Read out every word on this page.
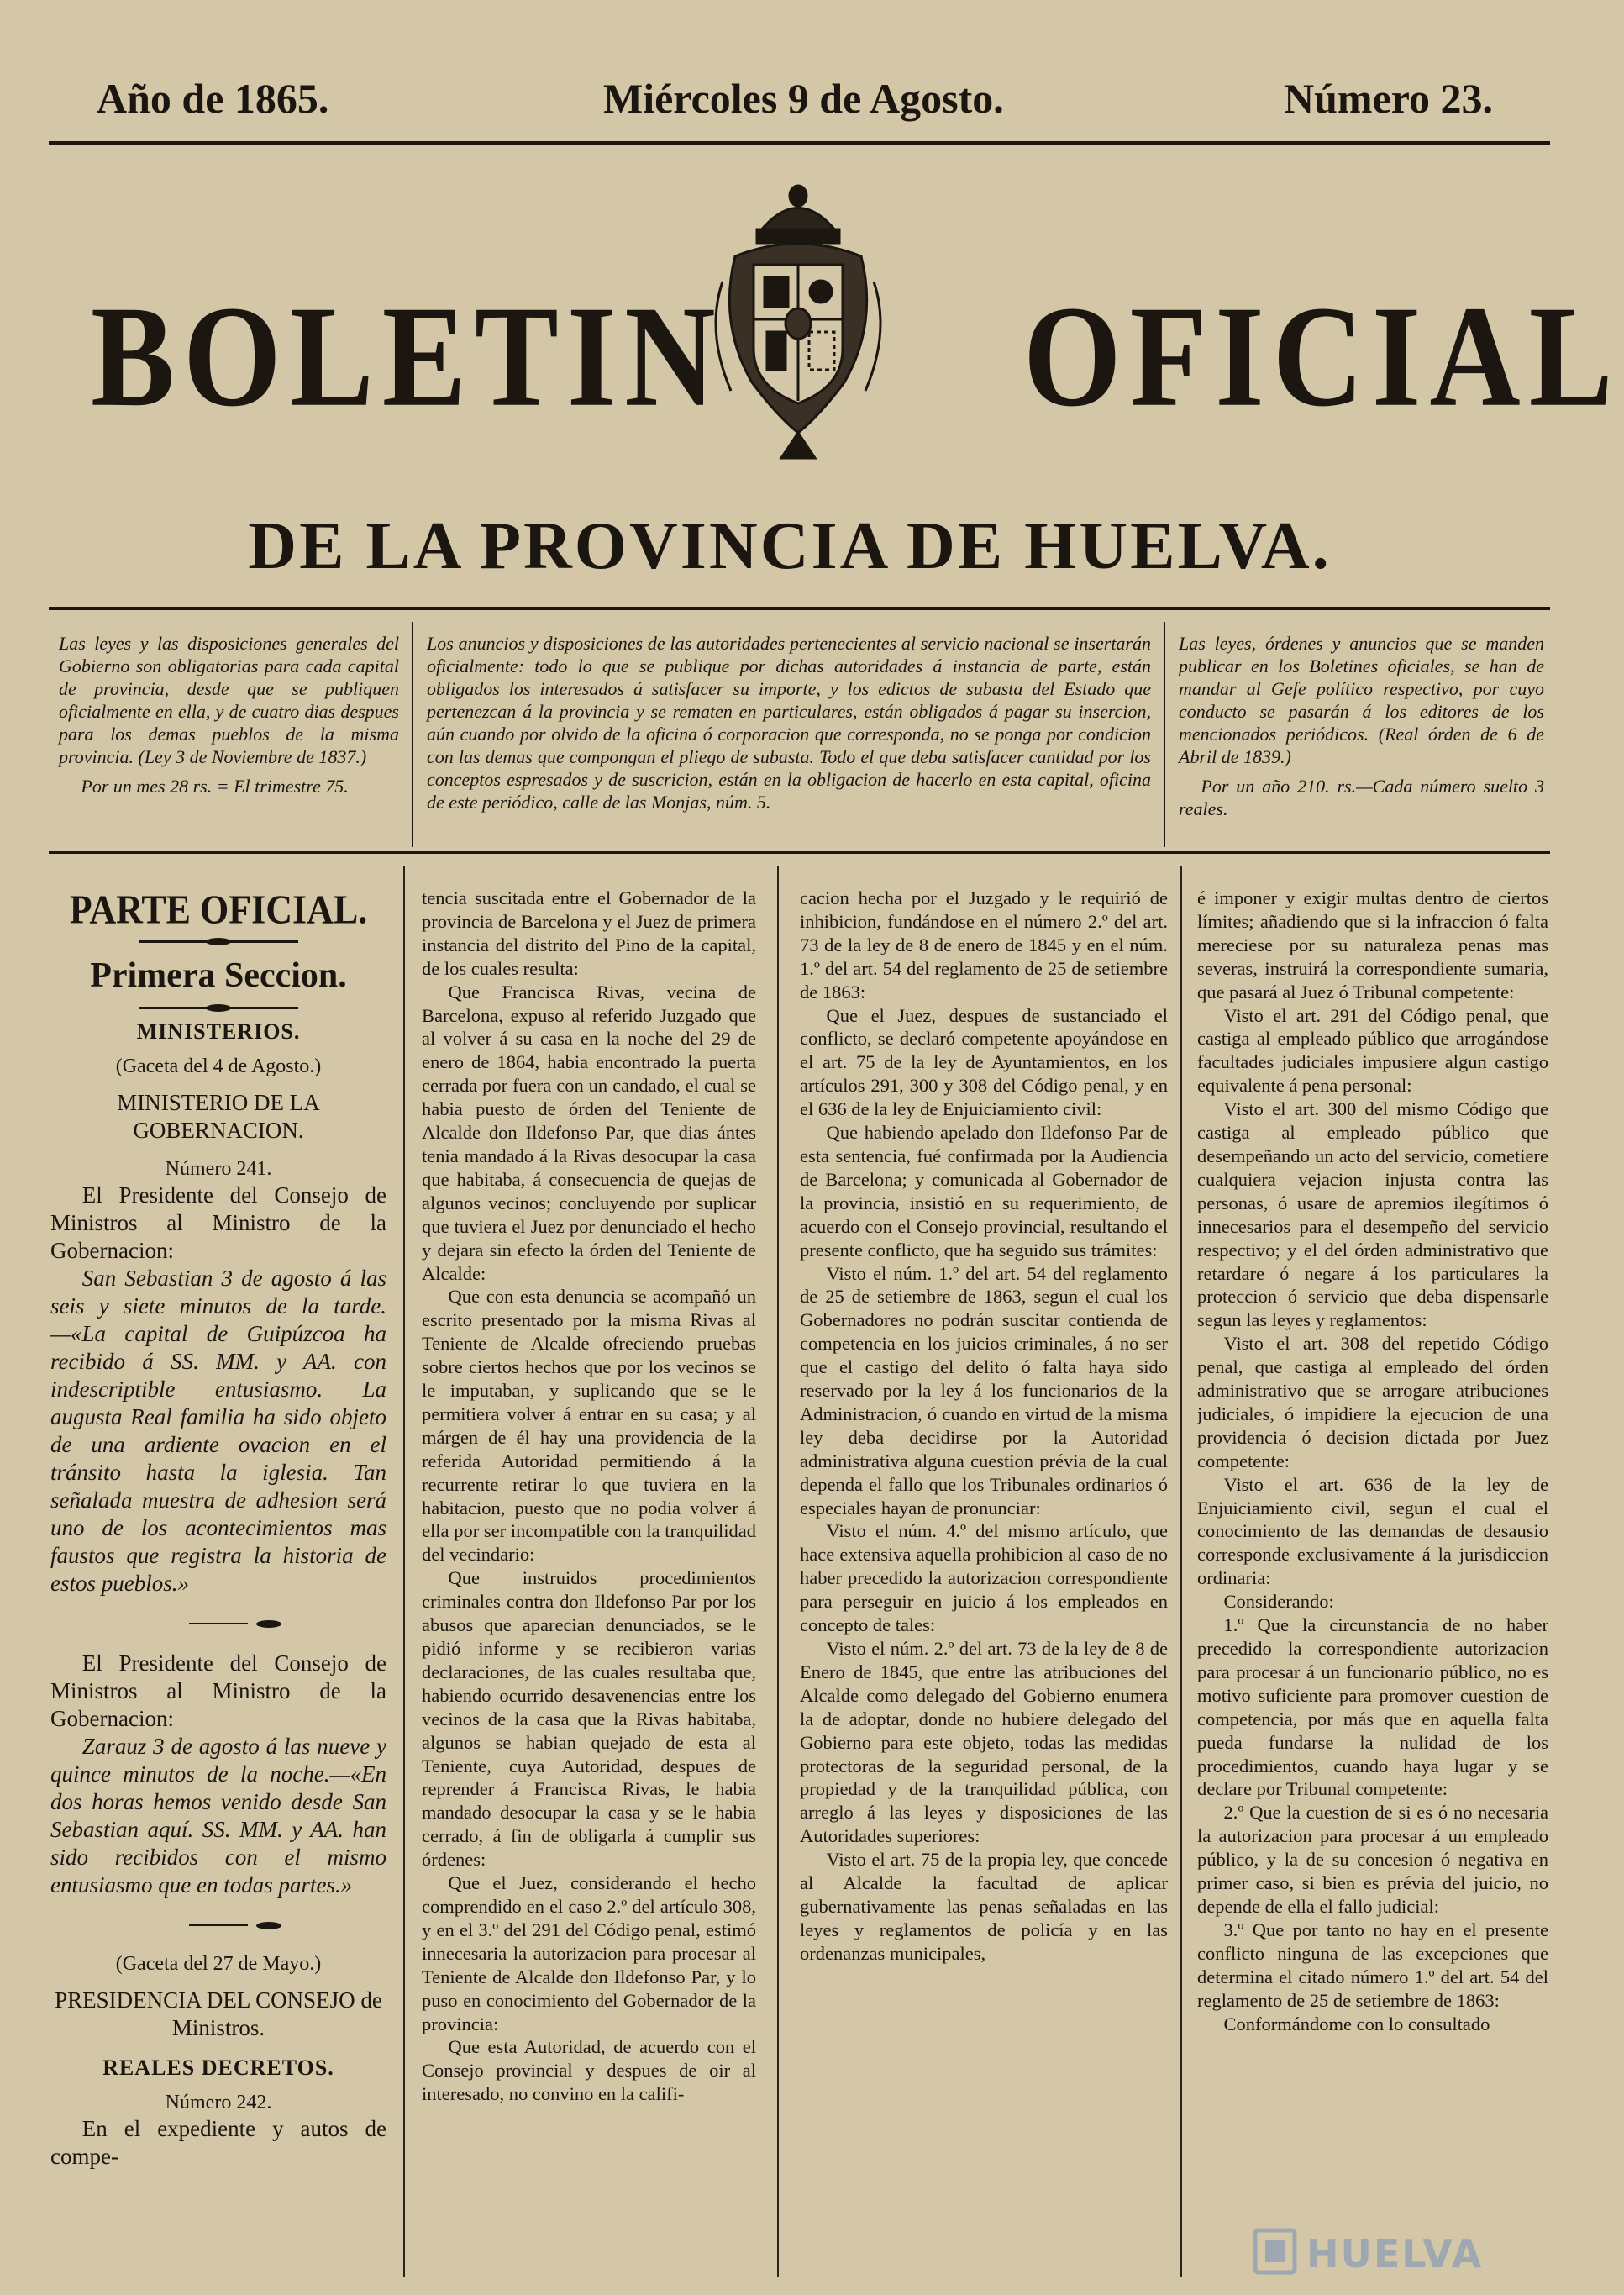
Año de 1865.	Miércoles 9 de Agosto.	Número 23.
BOLETIN OFICIAL
DE LA PROVINCIA DE HUELVA.

Las leyes y las disposiciones generales del Gobierno son obligatorias para cada capital de provincia, desde que se publiquen oficialmente en ella, y de cuatro dias despues para los demas pueblos de la misma provincia. (Ley 3 de Noviembre de 1837.)

Por un mes 28 rs. = El trimestre 75.

Los anuncios y disposiciones de las autoridades pertenecientes al servicio nacional se insertarán oficialmente: todo lo que se publique por dichas autoridades á instancia de parte, están obligados los interesados á satisfacer su importe, y los edictos de subasta del Estado que pertenezcan á la provincia y se rematen en particulares, están obligados á pagar su insercion, aún cuando por olvido de la oficina ó corporacion que corresponda, no se ponga por condicion con las demas que compongan el pliego de subasta. Todo el que deba satisfacer cantidad por los conceptos espresados y de suscricion, están en la obligacion de hacerlo en esta capital, oficina de este periódico, calle de las Monjas, núm. 5.

Las leyes, órdenes y anuncios que se manden publicar en los Boletines oficiales, se han de mandar al Gefe político respectivo, por cuyo conducto se pasarán á los editores de los mencionados periódicos. (Real órden de 6 de Abril de 1839.)

Por un año 210. rs.—Cada número suelto 3 reales.

PARTE OFICIAL.

Primera Seccion.

MINISTERIOS.

(Gaceta del 4 de Agosto.)

MINISTERIO DE LA GOBERNACION.

Número 241.

El Presidente del Consejo de Ministros al Ministro de la Gobernacion:

San Sebastian 3 de agosto á las seis y siete minutos de la tarde.—«La capital de Guipúzcoa ha recibido á SS. MM. y AA. con indescriptible entusiasmo. La augusta Real familia ha sido objeto de una ardiente ovacion en el tránsito hasta la iglesia. Tan señalada muestra de adhesion será uno de los acontecimientos mas faustos que registra la historia de estos pueblos.»

El Presidente del Consejo de Ministros al Ministro de la Gobernacion:

Zarauz 3 de agosto á las nueve y quince minutos de la noche.—«En dos horas hemos venido desde San Sebastian aquí. SS. MM. y AA. han sido recibidos con el mismo entusiasmo que en todas partes.»

(Gaceta del 27 de Mayo.)

PRESIDENCIA DEL CONSEJO de Ministros.

REALES DECRETOS.

Número 242.

En el expediente y autos de compe-

tencia suscitada entre el Gobernador de la provincia de Barcelona y el Juez de primera instancia del distrito del Pino de la capital, de los cuales resulta:

Que Francisca Rivas, vecina de Barcelona, expuso al referido Juzgado que al volver á su casa en la noche del 29 de enero de 1864, habia encontrado la puerta cerrada por fuera con un candado, el cual se habia puesto de órden del Teniente de Alcalde don Ildefonso Par, que dias ántes tenia mandado á la Rivas desocupar la casa que habitaba, á consecuencia de quejas de algunos vecinos; concluyendo por suplicar que tuviera el Juez por denunciado el hecho y dejara sin efecto la órden del Teniente de Alcalde:

Que con esta denuncia se acompañó un escrito presentado por la misma Rivas al Teniente de Alcalde ofreciendo pruebas sobre ciertos hechos que por los vecinos se le imputaban, y suplicando que se le permitiera volver á entrar en su casa; y al márgen de él hay una providencia de la referida Autoridad permitiendo á la recurrente retirar lo que tuviera en la habitacion, puesto que no podia volver á ella por ser incompatible con la tranquilidad del vecindario:

Que instruidos procedimientos criminales contra don Ildefonso Par por los abusos que aparecian denunciados, se le pidió informe y se recibieron varias declaraciones, de las cuales resultaba que, habiendo ocurrido desavenencias entre los vecinos de la casa que la Rivas habitaba, algunos se habian quejado de esta al Teniente, cuya Autoridad, despues de reprender á Francisca Rivas, le habia mandado desocupar la casa y se le habia cerrado, á fin de obligarla á cumplir sus órdenes:

Que el Juez, considerando el hecho comprendido en el caso 2.º del artículo 308, y en el 3.º del 291 del Código penal, estimó innecesaria la autorizacion para procesar al Teniente de Alcalde don Ildefonso Par, y lo puso en conocimiento del Gobernador de la provincia:

Que esta Autoridad, de acuerdo con el Consejo provincial y despues de oir al interesado, no convino en la califi-

cacion hecha por el Juzgado y le requirió de inhibicion, fundándose en el número 2.º del art. 73 de la ley de 8 de enero de 1845 y en el núm. 1.º del art. 54 del reglamento de 25 de setiembre de 1863:

Que el Juez, despues de sustanciado el conflicto, se declaró competente apoyándose en el art. 75 de la ley de Ayuntamientos, en los artículos 291, 300 y 308 del Código penal, y en el 636 de la ley de Enjuiciamiento civil:

Que habiendo apelado don Ildefonso Par de esta sentencia, fué confirmada por la Audiencia de Barcelona; y comunicada al Gobernador de la provincia, insistió en su requerimiento, de acuerdo con el Consejo provincial, resultando el presente conflicto, que ha seguido sus trámites:

Visto el núm. 1.º del art. 54 del reglamento de 25 de setiembre de 1863, segun el cual los Gobernadores no podrán suscitar contienda de competencia en los juicios criminales, á no ser que el castigo del delito ó falta haya sido reservado por la ley á los funcionarios de la Administracion, ó cuando en virtud de la misma ley deba decidirse por la Autoridad administrativa alguna cuestion prévia de la cual dependa el fallo que los Tribunales ordinarios ó especiales hayan de pronunciar:

Visto el núm. 4.º del mismo artículo, que hace extensiva aquella prohibicion al caso de no haber precedido la autorizacion correspondiente para perseguir en juicio á los empleados en concepto de tales:

Visto el núm. 2.º del art. 73 de la ley de 8 de Enero de 1845, que entre las atribuciones del Alcalde como delegado del Gobierno enumera la de adoptar, donde no hubiere delegado del Gobierno para este objeto, todas las medidas protectoras de la seguridad personal, de la propiedad y de la tranquilidad pública, con arreglo á las leyes y disposiciones de las Autoridades superiores:

Visto el art. 75 de la propia ley, que concede al Alcalde la facultad de aplicar gubernativamente las penas señaladas en las leyes y reglamentos de policía y en las ordenanzas municipales,

é imponer y exigir multas dentro de ciertos límites; añadiendo que si la infraccion ó falta mereciese por su naturaleza penas mas severas, instruirá la correspondiente sumaria, que pasará al Juez ó Tribunal competente:

Visto el art. 291 del Código penal, que castiga al empleado público que arrogándose facultades judiciales impusiere algun castigo equivalente á pena personal:

Visto el art. 300 del mismo Código que castiga al empleado público que desempeñando un acto del servicio, cometiere cualquiera vejacion injusta contra las personas, ó usare de apremios ilegítimos ó innecesarios para el desempeño del servicio respectivo; y el del órden administrativo que retardare ó negare á los particulares la proteccion ó servicio que deba dispensarle segun las leyes y reglamentos:

Visto el art. 308 del repetido Código penal, que castiga al empleado del órden administrativo que se arrogare atribuciones judiciales, ó impidiere la ejecucion de una providencia ó decision dictada por Juez competente:

Visto el art. 636 de la ley de Enjuiciamiento civil, segun el cual el conocimiento de las demandas de desausio corresponde exclusivamente á la jurisdiccion ordinaria:

Considerando:

1.º Que la circunstancia de no haber precedido la correspondiente autorizacion para procesar á un funcionario público, no es motivo suficiente para promover cuestion de competencia, por más que en aquella falta pueda fundarse la nulidad de los procedimientos, cuando haya lugar y se declare por Tribunal competente:

2.º Que la cuestion de si es ó no necesaria la autorizacion para procesar á un empleado público, y la de su concesion ó negativa en primer caso, si bien es prévia del juicio, no depende de ella el fallo judicial:

3.º Que por tanto no hay en el presente conflicto ninguna de las excepciones que determina el citado número 1.º del art. 54 del reglamento de 25 de setiembre de 1863:

Conformándome con lo consultado

HUELVA
